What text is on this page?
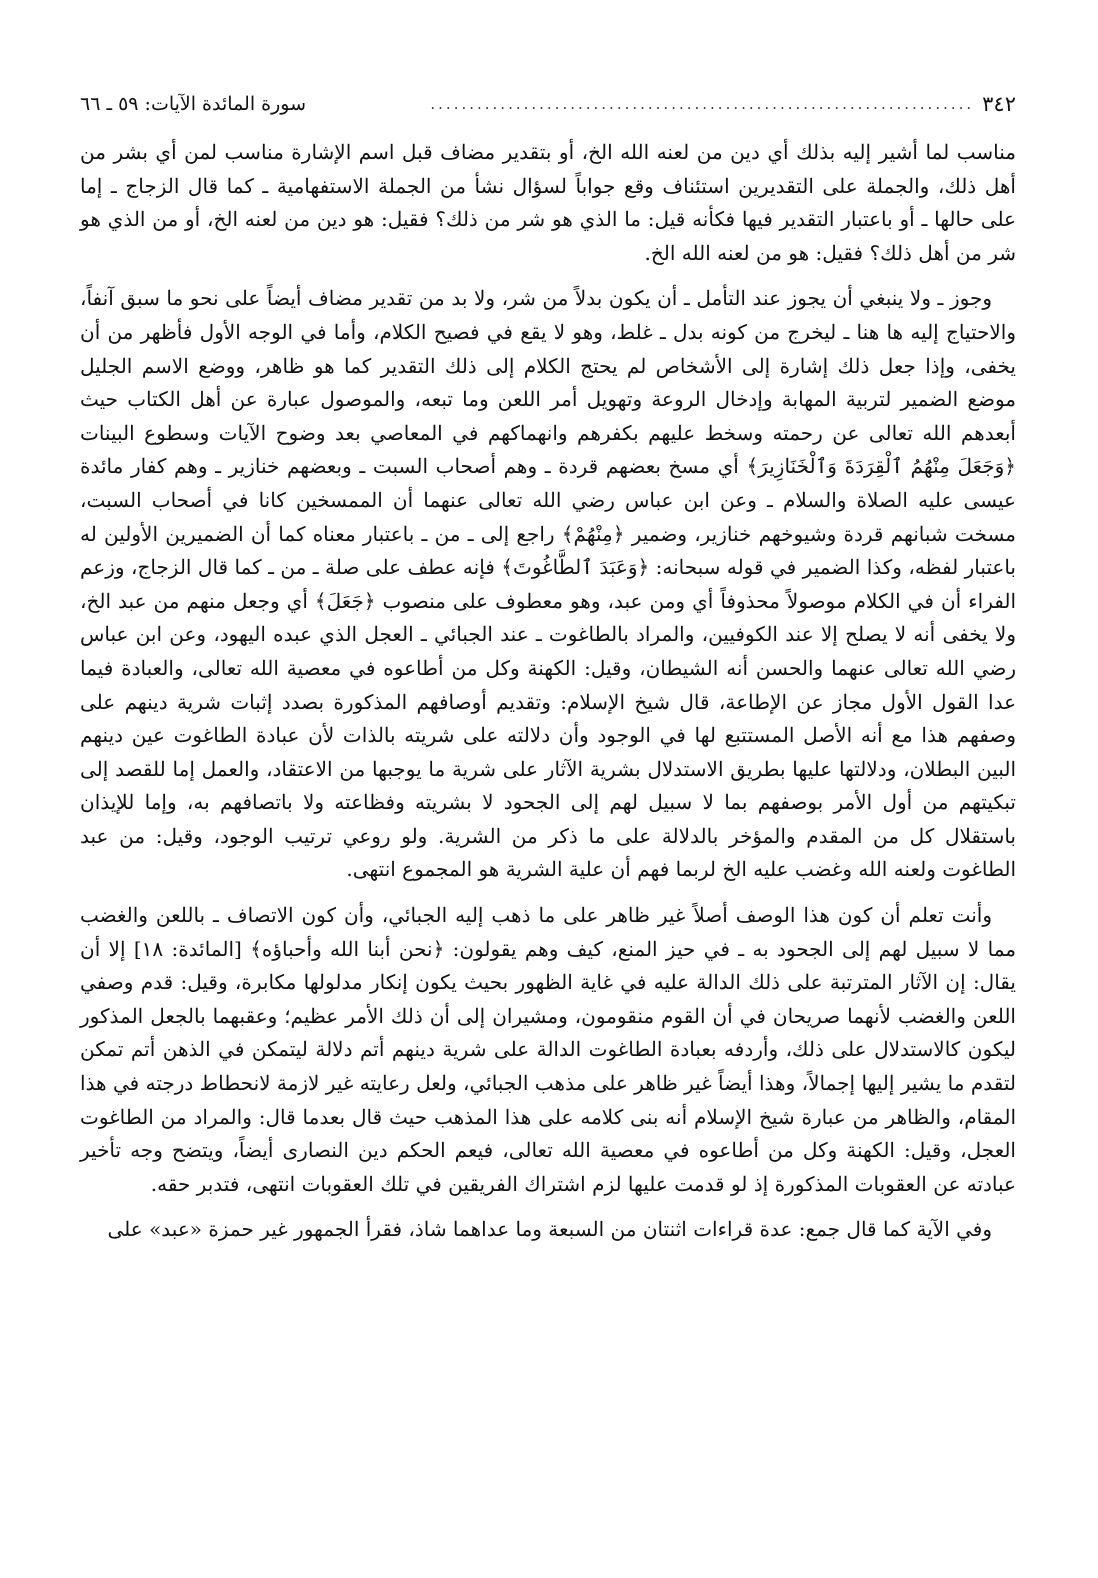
٣٤٢
......................................................................
سورة المائدة الآيات: ٥٩ ـ ٦٦

مناسب لما أشير إليه بذلك أي دين من لعنه الله الخ، أو بتقدير مضاف قبل اسم الإشارة مناسب لمن أي بشر من أهل ذلك، والجملة على التقديرين استئناف وقع جواباً لسؤال نشأ من الجملة الاستفهامية ـ كما قال الزجاج ـ إما على حالها ـ أو باعتبار التقدير فيها فكأنه قيل: ما الذي هو شر من ذلك؟ فقيل: هو دين من لعنه الخ، أو من الذي هو شر من أهل ذلك؟ فقيل: هو من لعنه الله الخ.

وجوز ـ ولا ينبغي أن يجوز عند التأمل ـ أن يكون بدلاً من شر، ولا بد من تقدير مضاف أيضاً على نحو ما سبق آنفاً، والاحتياج إليه ها هنا ـ ليخرج من كونه بدل ـ غلط، وهو لا يقع في فصيح الكلام، وأما في الوجه الأول فأظهر من أن يخفى، وإذا جعل ذلك إشارة إلى الأشخاص لم يحتج الكلام إلى ذلك التقدير كما هو ظاهر، ووضع الاسم الجليل موضع الضمير لتربية المهابة وإدخال الروعة وتهويل أمر اللعن وما تبعه، والموصول عبارة عن أهل الكتاب حيث أبعدهم الله تعالى عن رحمته وسخط عليهم بكفرهم وانهماكهم في المعاصي بعد وضوح الآيات وسطوع البينات ﴿وَجَعَلَ مِنْهُمُ ٱلْقِرَدَةَ وَٱلْخَنَازِيرَ﴾ أي مسخ بعضهم قردة ـ وهم أصحاب السبت ـ وبعضهم خنازير ـ وهم كفار مائدة عيسى عليه الصلاة والسلام ـ وعن ابن عباس رضي الله تعالى عنهما أن الممسخين كانا في أصحاب السبت، مسخت شبانهم قردة وشيوخهم خنازير، وضمير ﴿مِنْهُمْ﴾ راجع إلى ـ من ـ باعتبار معناه كما أن الضميرين الأولين له باعتبار لفظه، وكذا الضمير في قوله سبحانه: ﴿وَعَبَدَ ٱلطَّاغُوتَ﴾ فإنه عطف على صلة ـ من ـ كما قال الزجاج، وزعم الفراء أن في الكلام موصولاً محذوفاً أي ومن عبد، وهو معطوف على منصوب ﴿جَعَلَ﴾ أي وجعل منهم من عبد الخ، ولا يخفى أنه لا يصلح إلا عند الكوفيين، والمراد بالطاغوت ـ عند الجبائي ـ العجل الذي عبده اليهود، وعن ابن عباس رضي الله تعالى عنهما والحسن أنه الشيطان، وقيل: الكهنة وكل من أطاعوه في معصية الله تعالى، والعبادة فيما عدا القول الأول مجاز عن الإطاعة، قال شيخ الإسلام: وتقديم أوصافهم المذكورة بصدد إثبات شرية دينهم على وصفهم هذا مع أنه الأصل المستتبع لها في الوجود وأن دلالته على شريته بالذات لأن عبادة الطاغوت عين دينهم البين البطلان، ودلالتها عليها بطريق الاستدلال بشرية الآثار على شرية ما يوجبها من الاعتقاد، والعمل إما للقصد إلى تبكيتهم من أول الأمر بوصفهم بما لا سبيل لهم إلى الجحود لا بشريته وفظاعته ولا باتصافهم به، وإما للإيذان باستقلال كل من المقدم والمؤخر بالدلالة على ما ذكر من الشرية. ولو روعي ترتيب الوجود، وقيل: من عبد الطاغوت ولعنه الله وغضب عليه الخ لربما فهم أن علية الشرية هو المجموع انتهى.

وأنت تعلم أن كون هذا الوصف أصلاً غير ظاهر على ما ذهب إليه الجبائي، وأن كون الاتصاف ـ باللعن والغضب مما لا سبيل لهم إلى الجحود به ـ في حيز المنع، كيف وهم يقولون: ﴿نحن أبنا الله وأحباؤه﴾ [المائدة: ١٨] إلا أن يقال: إن الآثار المترتبة على ذلك الدالة عليه في غاية الظهور بحيث يكون إنكار مدلولها مكابرة، وقيل: قدم وصفي اللعن والغضب لأنهما صريحان في أن القوم منقومون، ومشيران إلى أن ذلك الأمر عظيم؛ وعقبهما بالجعل المذكور ليكون كالاستدلال على ذلك، وأردفه بعبادة الطاغوت الدالة على شرية دينهم أتم دلالة ليتمكن في الذهن أتم تمكن لتقدم ما يشير إليها إجمالاً، وهذا أيضاً غير ظاهر على مذهب الجبائي، ولعل رعايته غير لازمة لانحطاط درجته في هذا المقام، والظاهر من عبارة شيخ الإسلام أنه بنى كلامه على هذا المذهب حيث قال بعدما قال: والمراد من الطاغوت العجل، وقيل: الكهنة وكل من أطاعوه في معصية الله تعالى، فيعم الحكم دين النصارى أيضاً، ويتضح وجه تأخير عبادته عن العقوبات المذكورة إذ لو قدمت عليها لزم اشتراك الفريقين في تلك العقوبات انتهى، فتدبر حقه.

وفي الآية كما قال جمع: عدة قراءات اثنتان من السبعة وما عداهما شاذ، فقرأ الجمهور غير حمزة «عبد» على
